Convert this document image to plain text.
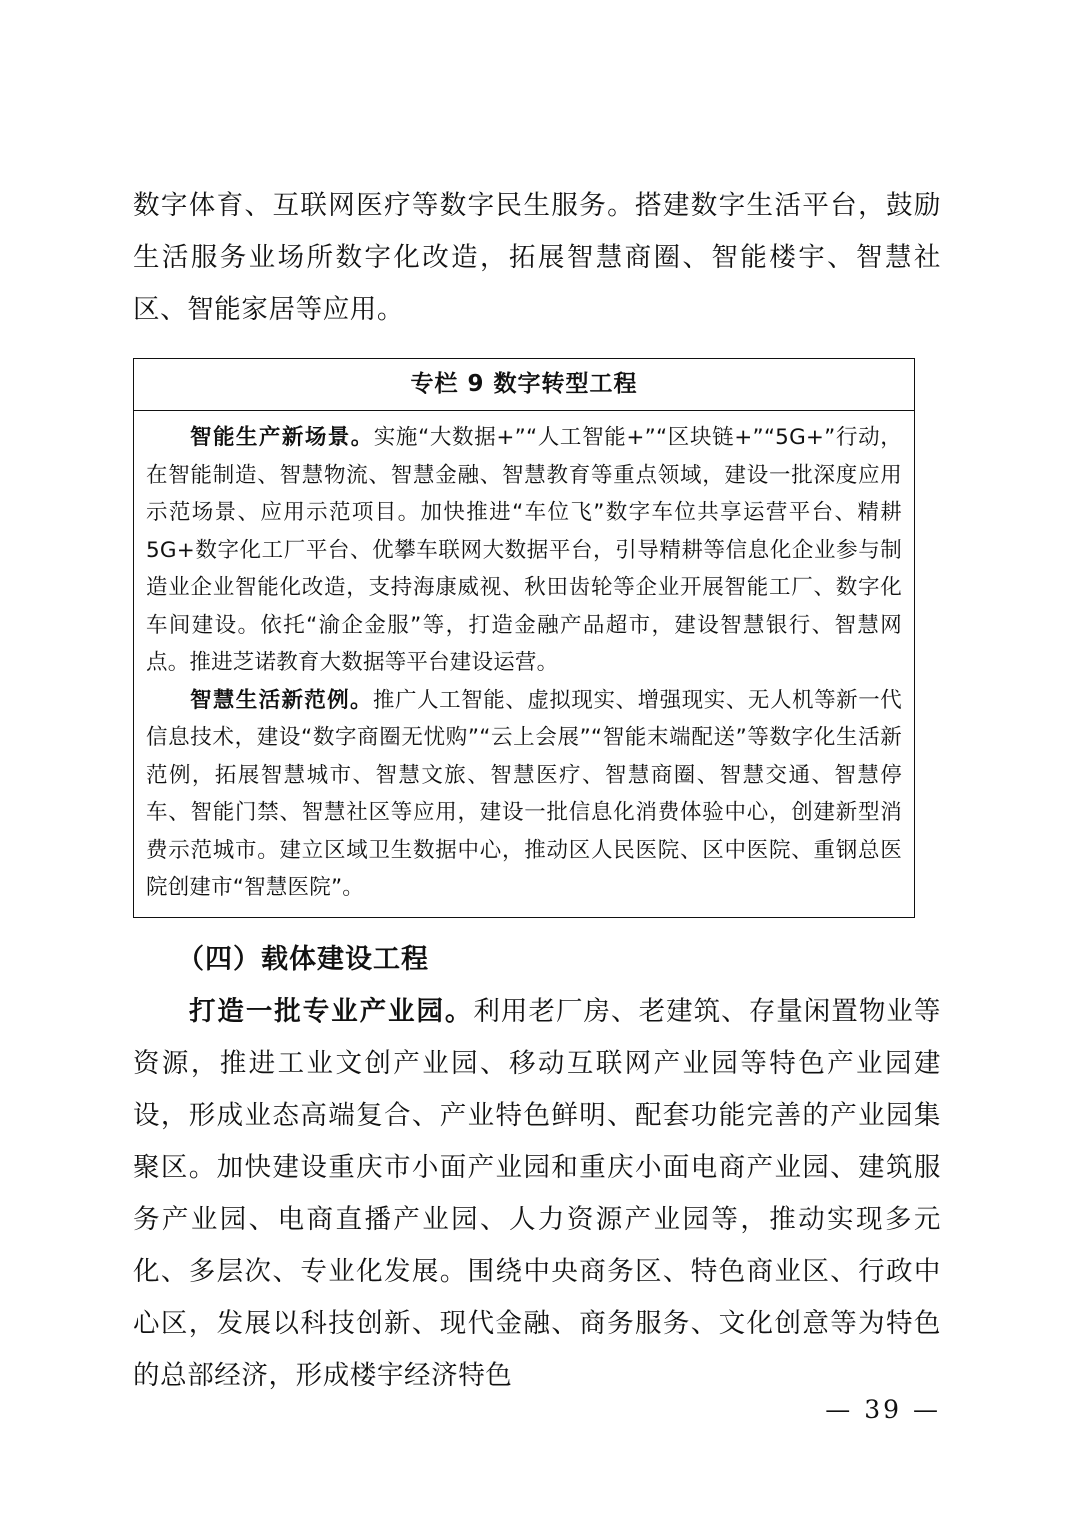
数字体育、互联网医疗等数字民生服务。搭建数字生活平台，鼓励生活服务业场所数字化改造，拓展智慧商圈、智能楼宇、智慧社区、智能家居等应用。

专栏 9 数字转型工程

智能生产新场景。实施“大数据+”“人工智能+”“区块链+”“5G+”行动，在智能制造、智慧物流、智慧金融、智慧教育等重点领域，建设一批深度应用示范场景、应用示范项目。加快推进“车位飞”数字车位共享运营平台、精耕 5G+数字化工厂平台、优攀车联网大数据平台，引导精耕等信息化企业参与制造业企业智能化改造，支持海康威视、秋田齿轮等企业开展智能工厂、数字化车间建设。依托“渝企金服”等，打造金融产品超市，建设智慧银行、智慧网点。推进芝诺教育大数据等平台建设运营。

智慧生活新范例。推广人工智能、虚拟现实、增强现实、无人机等新一代信息技术，建设“数字商圈无忧购”“云上会展”“智能末端配送”等数字化生活新范例，拓展智慧城市、智慧文旅、智慧医疗、智慧商圈、智慧交通、智慧停车、智能门禁、智慧社区等应用，建设一批信息化消费体验中心，创建新型消费示范城市。建立区域卫生数据中心，推动区人民医院、区中医院、重钢总医院创建市“智慧医院”。

（四）载体建设工程

打造一批专业产业园。利用老厂房、老建筑、存量闲置物业等资源，推进工业文创产业园、移动互联网产业园等特色产业园建设，形成业态高端复合、产业特色鲜明、配套功能完善的产业园集聚区。加快建设重庆市小面产业园和重庆小面电商产业园、建筑服务产业园、电商直播产业园、人力资源产业园等，推动实现多元化、多层次、专业化发展。围绕中央商务区、特色商业区、行政中心区，发展以科技创新、现代金融、商务服务、文化创意等为特色的总部经济，形成楼宇经济特色

— 39 —
